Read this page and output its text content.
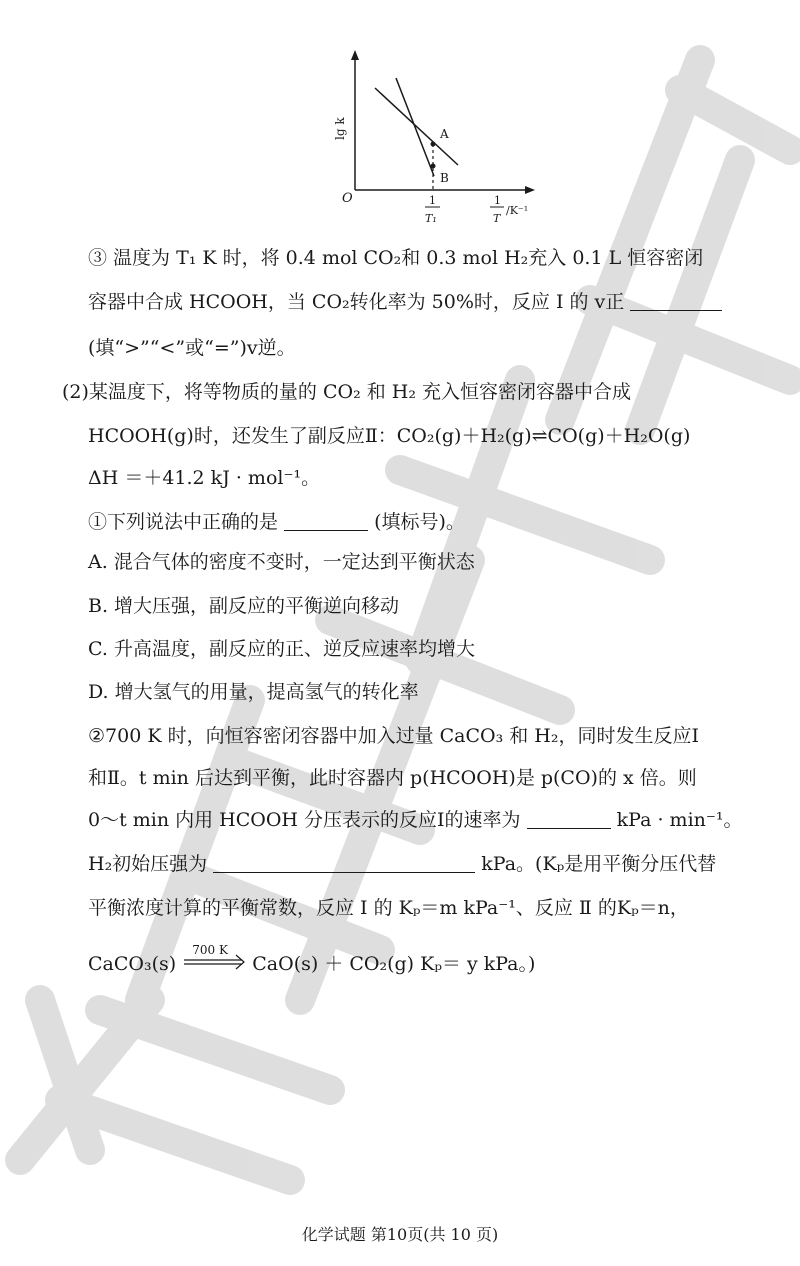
A
B
O
lg k
1
T₁
1
T
/K⁻¹
③ 温度为 T₁ K 时，将 0.4 mol CO₂和 0.3 mol H₂充入 0.1 L 恒容密闭
容器中合成 HCOOH，当 CO₂转化率为 50%时，反应 Ⅰ 的 v正
(填“>”“<”或“=”)v逆。
(2)某温度下，将等物质的量的 CO₂ 和 H₂ 充入恒容密闭容器中合成
HCOOH(g)时，还发生了副反应Ⅱ：CO₂(g)＋H₂(g)⇌CO(g)＋H₂O(g)
ΔH ＝＋41.2 kJ · mol⁻¹。
①下列说法中正确的是	(填标号)。
A. 混合气体的密度不变时，一定达到平衡状态
B. 增大压强，副反应的平衡逆向移动
C. 升高温度，副反应的正、逆反应速率均增大
D. 增大氢气的用量，提高氢气的转化率
②700 K 时，向恒容密闭容器中加入过量 CaCO₃ 和 H₂，同时发生反应Ⅰ
和Ⅱ。t min 后达到平衡，此时容器内 p(HCOOH)是 p(CO)的 x 倍。则
0～t min 内用 HCOOH 分压表示的反应Ⅰ的速率为	kPa · min⁻¹。
H₂初始压强为	kPa。(Kₚ是用平衡分压代替
平衡浓度计算的平衡常数，反应 Ⅰ 的 Kₚ＝m kPa⁻¹、反应 Ⅱ 的Kₚ＝n，
CaCO₃(s)
700 K
CaO(s) ＋ CO₂(g) Kₚ＝ y kPa。)
化学试题 第10页(共 10 页)
